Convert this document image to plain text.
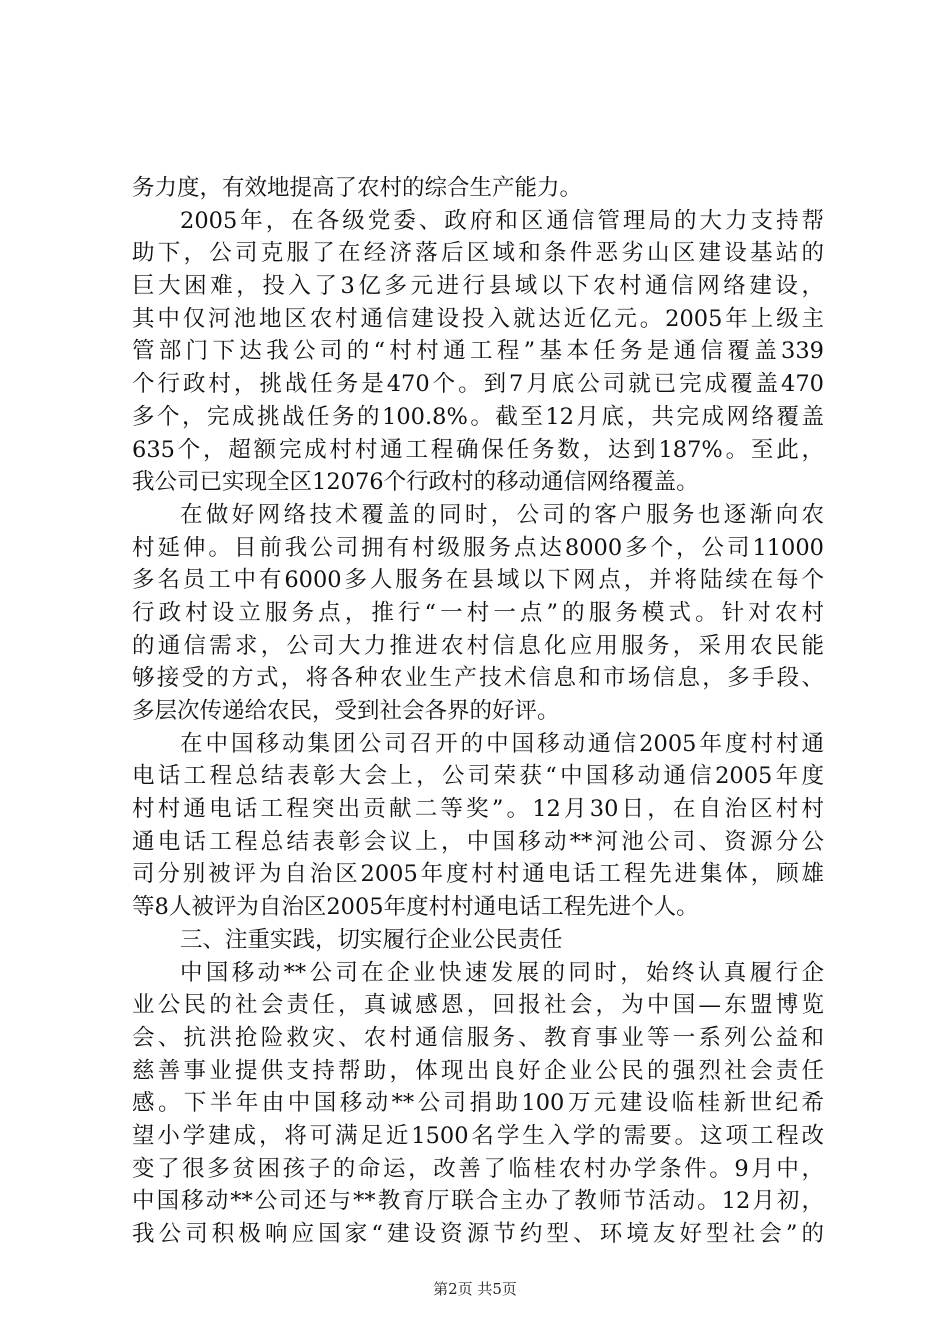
务力度，有效地提高了农村的综合生产能力。
2005年，在各级党委、政府和区通信管理局的大力支持帮
助下，公司克服了在经济落后区域和条件恶劣山区建设基站的
巨大困难，投入了3亿多元进行县域以下农村通信网络建设，
其中仅河池地区农村通信建设投入就达近亿元。2005年上级主
管部门下达我公司的“村村通工程”基本任务是通信覆盖339
个行政村，挑战任务是470个。到7月底公司就已完成覆盖470
多个，完成挑战任务的100.8%。截至12月底，共完成网络覆盖
635个，超额完成村村通工程确保任务数，达到187%。至此，
我公司已实现全区12076个行政村的移动通信网络覆盖。
在做好网络技术覆盖的同时，公司的客户服务也逐渐向农
村延伸。目前我公司拥有村级服务点达8000多个，公司11000
多名员工中有6000多人服务在县域以下网点，并将陆续在每个
行政村设立服务点，推行“一村一点”的服务模式。针对农村
的通信需求，公司大力推进农村信息化应用服务，采用农民能
够接受的方式，将各种农业生产技术信息和市场信息，多手段、
多层次传递给农民，受到社会各界的好评。
在中国移动集团公司召开的中国移动通信2005年度村村通
电话工程总结表彰大会上，公司荣获“中国移动通信2005年度
村村通电话工程突出贡献二等奖”。12月30日，在自治区村村
通电话工程总结表彰会议上，中国移动**河池公司、资源分公
司分别被评为自治区2005年度村村通电话工程先进集体，顾雄
等8人被评为自治区2005年度村村通电话工程先进个人。
三、注重实践，切实履行企业公民责任
中国移动**公司在企业快速发展的同时，始终认真履行企
业公民的社会责任，真诚感恩，回报社会，为中国—东盟博览
会、抗洪抢险救灾、农村通信服务、教育事业等一系列公益和
慈善事业提供支持帮助，体现出良好企业公民的强烈社会责任
感。下半年由中国移动**公司捐助100万元建设临桂新世纪希
望小学建成，将可满足近1500名学生入学的需要。这项工程改
变了很多贫困孩子的命运，改善了临桂农村办学条件。9月中，
中国移动**公司还与**教育厅联合主办了教师节活动。12月初，
我公司积极响应国家“建设资源节约型、环境友好型社会”的
第2页 共5页
